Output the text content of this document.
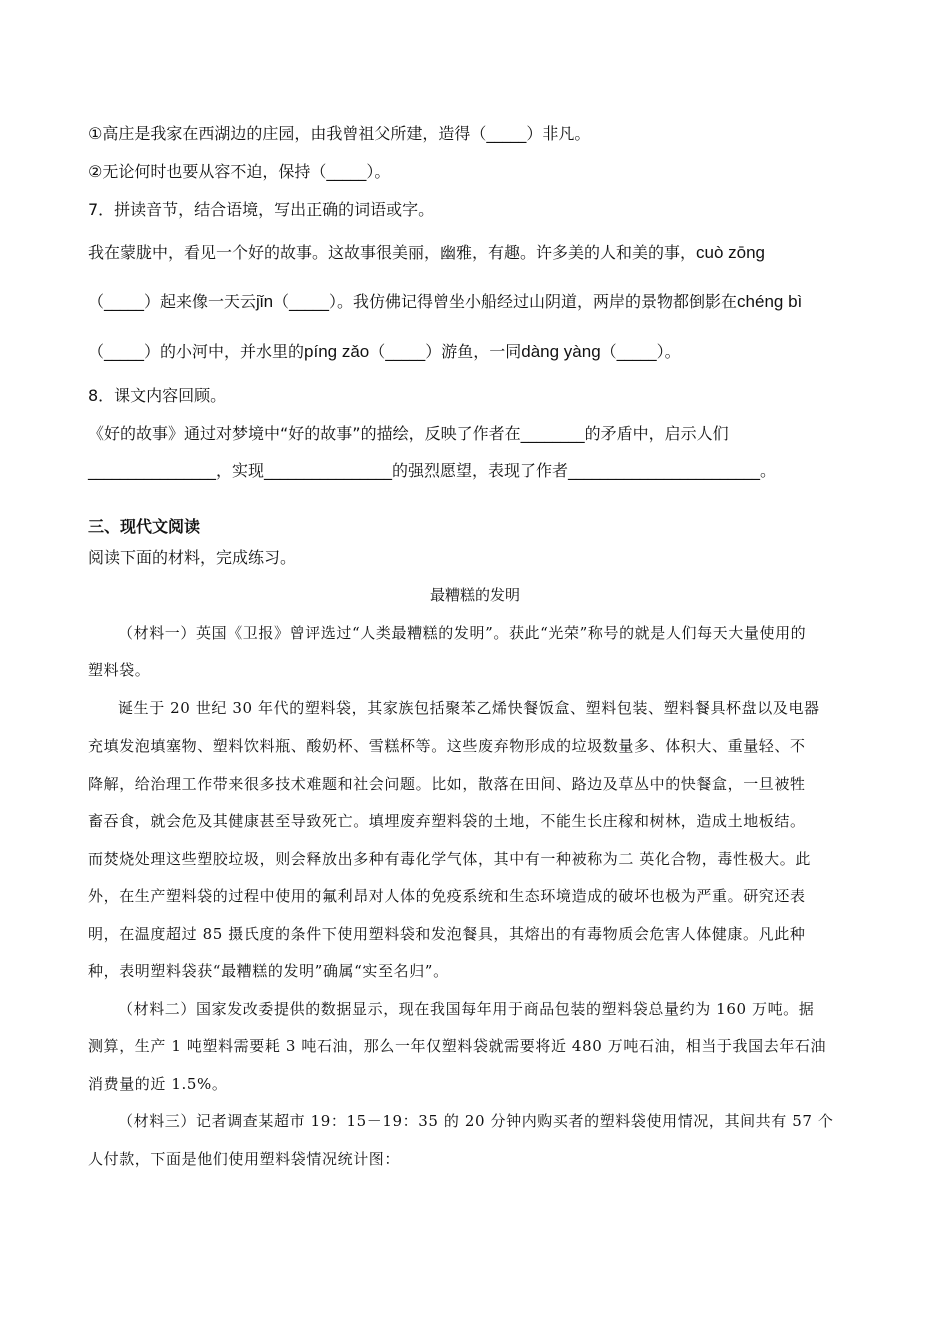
①高庄是我家在西湖边的庄园，由我曾祖父所建，造得（_____）非凡。
②无论何时也要从容不迫，保持（_____）。
7．拼读音节，结合语境，写出正确的词语或字。
我在蒙胧中，看见一个好的故事。这故事很美丽，幽雅，有趣。许多美的人和美的事，cuò zōng
（_____）起来像一天云jǐn（_____）。我仿佛记得曾坐小船经过山阴道，两岸的景物都倒影在chéng bì
（_____）的小河中，并水里的píng zǎo（_____）游鱼，一同dàng yàng（_____）。
8．课文内容回顾。
《好的故事》通过对梦境中“好的故事”的描绘，反映了作者在________的矛盾中，启示人们
________________，实现________________的强烈愿望，表现了作者________________________。
三、现代文阅读
阅读下面的材料，完成练习。
最糟糕的发明
（材料一）英国《卫报》曾评选过“人类最糟糕的发明”。获此“光荣”称号的就是人们每天大量使用的
塑料袋。
诞生于 20 世纪 30 年代的塑料袋，其家族包括聚苯乙烯快餐饭盒、塑料包装、塑料餐具杯盘以及电器
充填发泡填塞物、塑料饮料瓶、酸奶杯、雪糕杯等。这些废弃物形成的垃圾数量多、体积大、重量轻、不
降解，给治理工作带来很多技术难题和社会问题。比如，散落在田间、路边及草丛中的快餐盒，一旦被牲
畜吞食，就会危及其健康甚至导致死亡。填埋废弃塑料袋的土地，不能生长庄稼和树林，造成土地板结。
而焚烧处理这些塑胶垃圾，则会释放出多种有毒化学气体，其中有一种被称为二 英化合物，毒性极大。此
外，在生产塑料袋的过程中使用的氟利昂对人体的免疫系统和生态环境造成的破坏也极为严重。研究还表
明，在温度超过 85 摄氏度的条件下使用塑料袋和发泡餐具，其熔出的有毒物质会危害人体健康。凡此种
种，表明塑料袋获“最糟糕的发明”确属“实至名归”。
（材料二）国家发改委提供的数据显示，现在我国每年用于商品包装的塑料袋总量约为 160 万吨。据
测算，生产 1 吨塑料需要耗 3 吨石油，那么一年仅塑料袋就需要将近 480 万吨石油，相当于我国去年石油
消费量的近 1.5%。
（材料三）记者调查某超市 19：15－19：35 的 20 分钟内购买者的塑料袋使用情况，其间共有 57 个
人付款，下面是他们使用塑料袋情况统计图：
